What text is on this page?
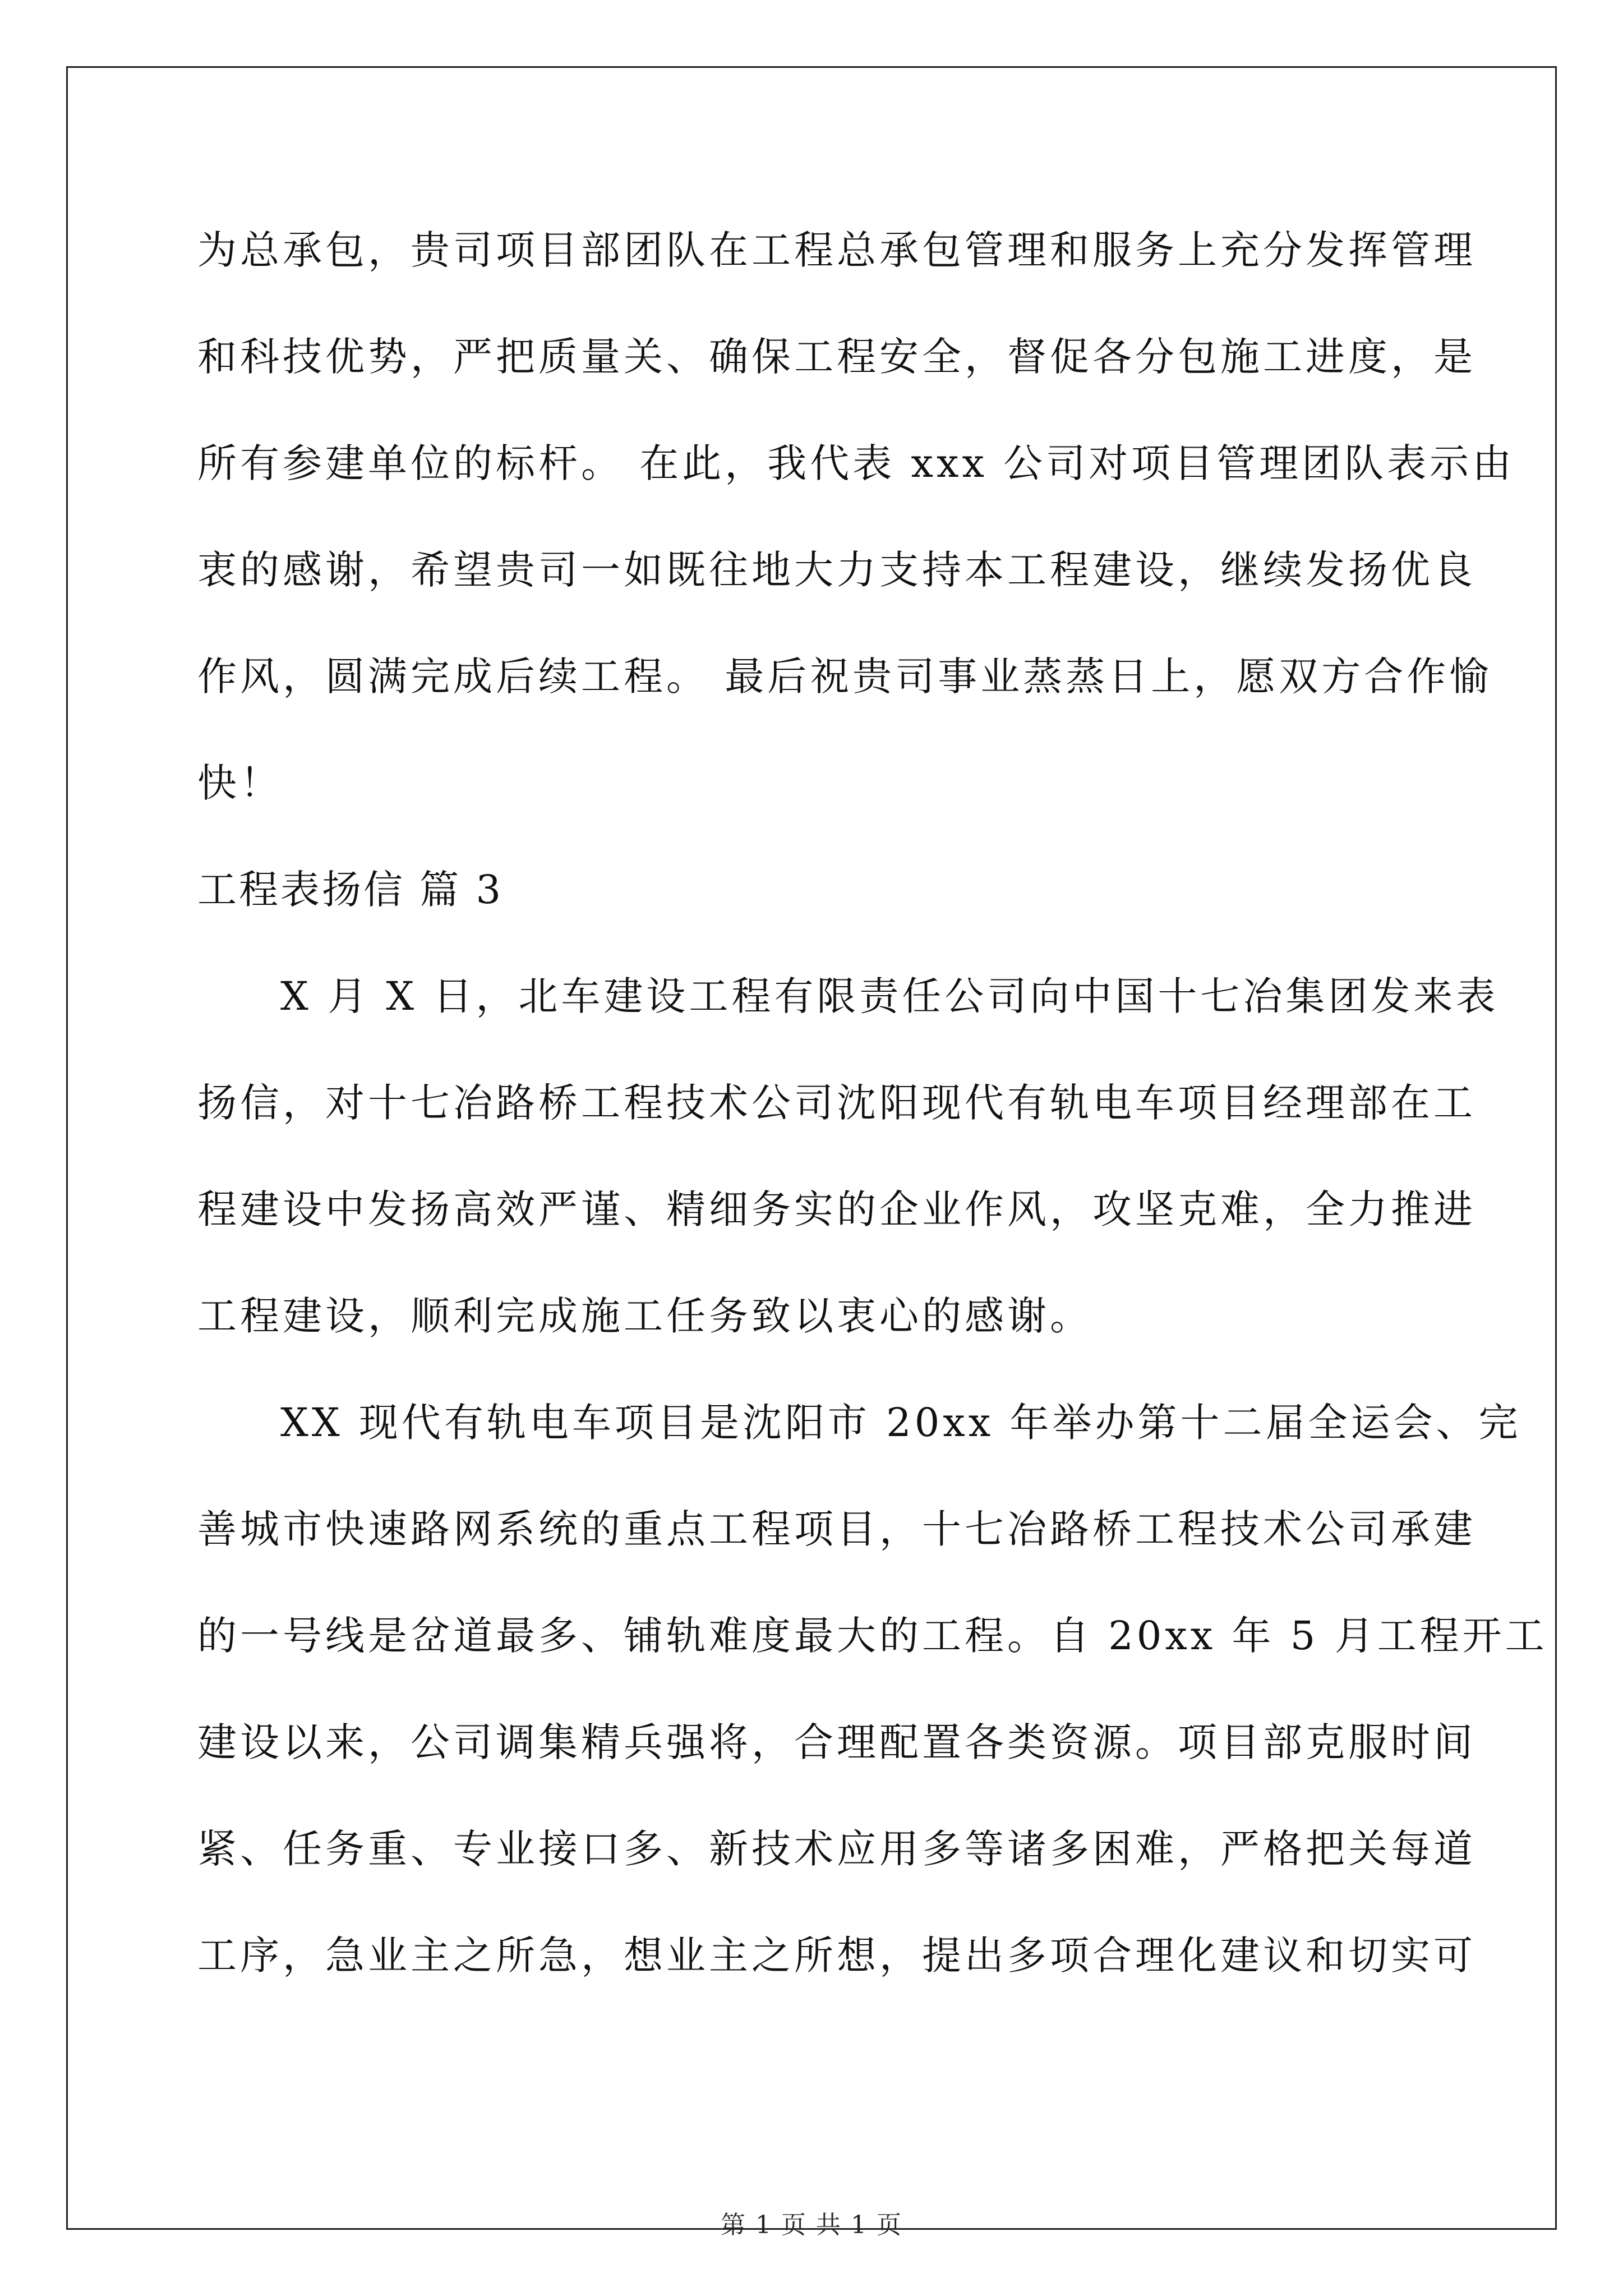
为总承包，贵司项目部团队在工程总承包管理和服务上充分发挥管理
和科技优势，严把质量关、确保工程安全，督促各分包施工进度，是
所有参建单位的标杆。 在此，我代表 xxx 公司对项目管理团队表示由
衷的感谢，希望贵司一如既往地大力支持本工程建设，继续发扬优良
作风，圆满完成后续工程。 最后祝贵司事业蒸蒸日上，愿双方合作愉
快！
工程表扬信 篇 3
X 月 X 日，北车建设工程有限责任公司向中国十七冶集团发来表
扬信，对十七冶路桥工程技术公司沈阳现代有轨电车项目经理部在工
程建设中发扬高效严谨、精细务实的企业作风，攻坚克难，全力推进
工程建设，顺利完成施工任务致以衷心的感谢。
XX 现代有轨电车项目是沈阳市 20xx 年举办第十二届全运会、完
善城市快速路网系统的重点工程项目，十七冶路桥工程技术公司承建
的一号线是岔道最多、铺轨难度最大的工程。自 20xx 年 5 月工程开工
建设以来，公司调集精兵强将，合理配置各类资源。项目部克服时间
紧、任务重、专业接口多、新技术应用多等诸多困难，严格把关每道
工序，急业主之所急，想业主之所想，提出多项合理化建议和切实可
第 1 页 共 1 页
